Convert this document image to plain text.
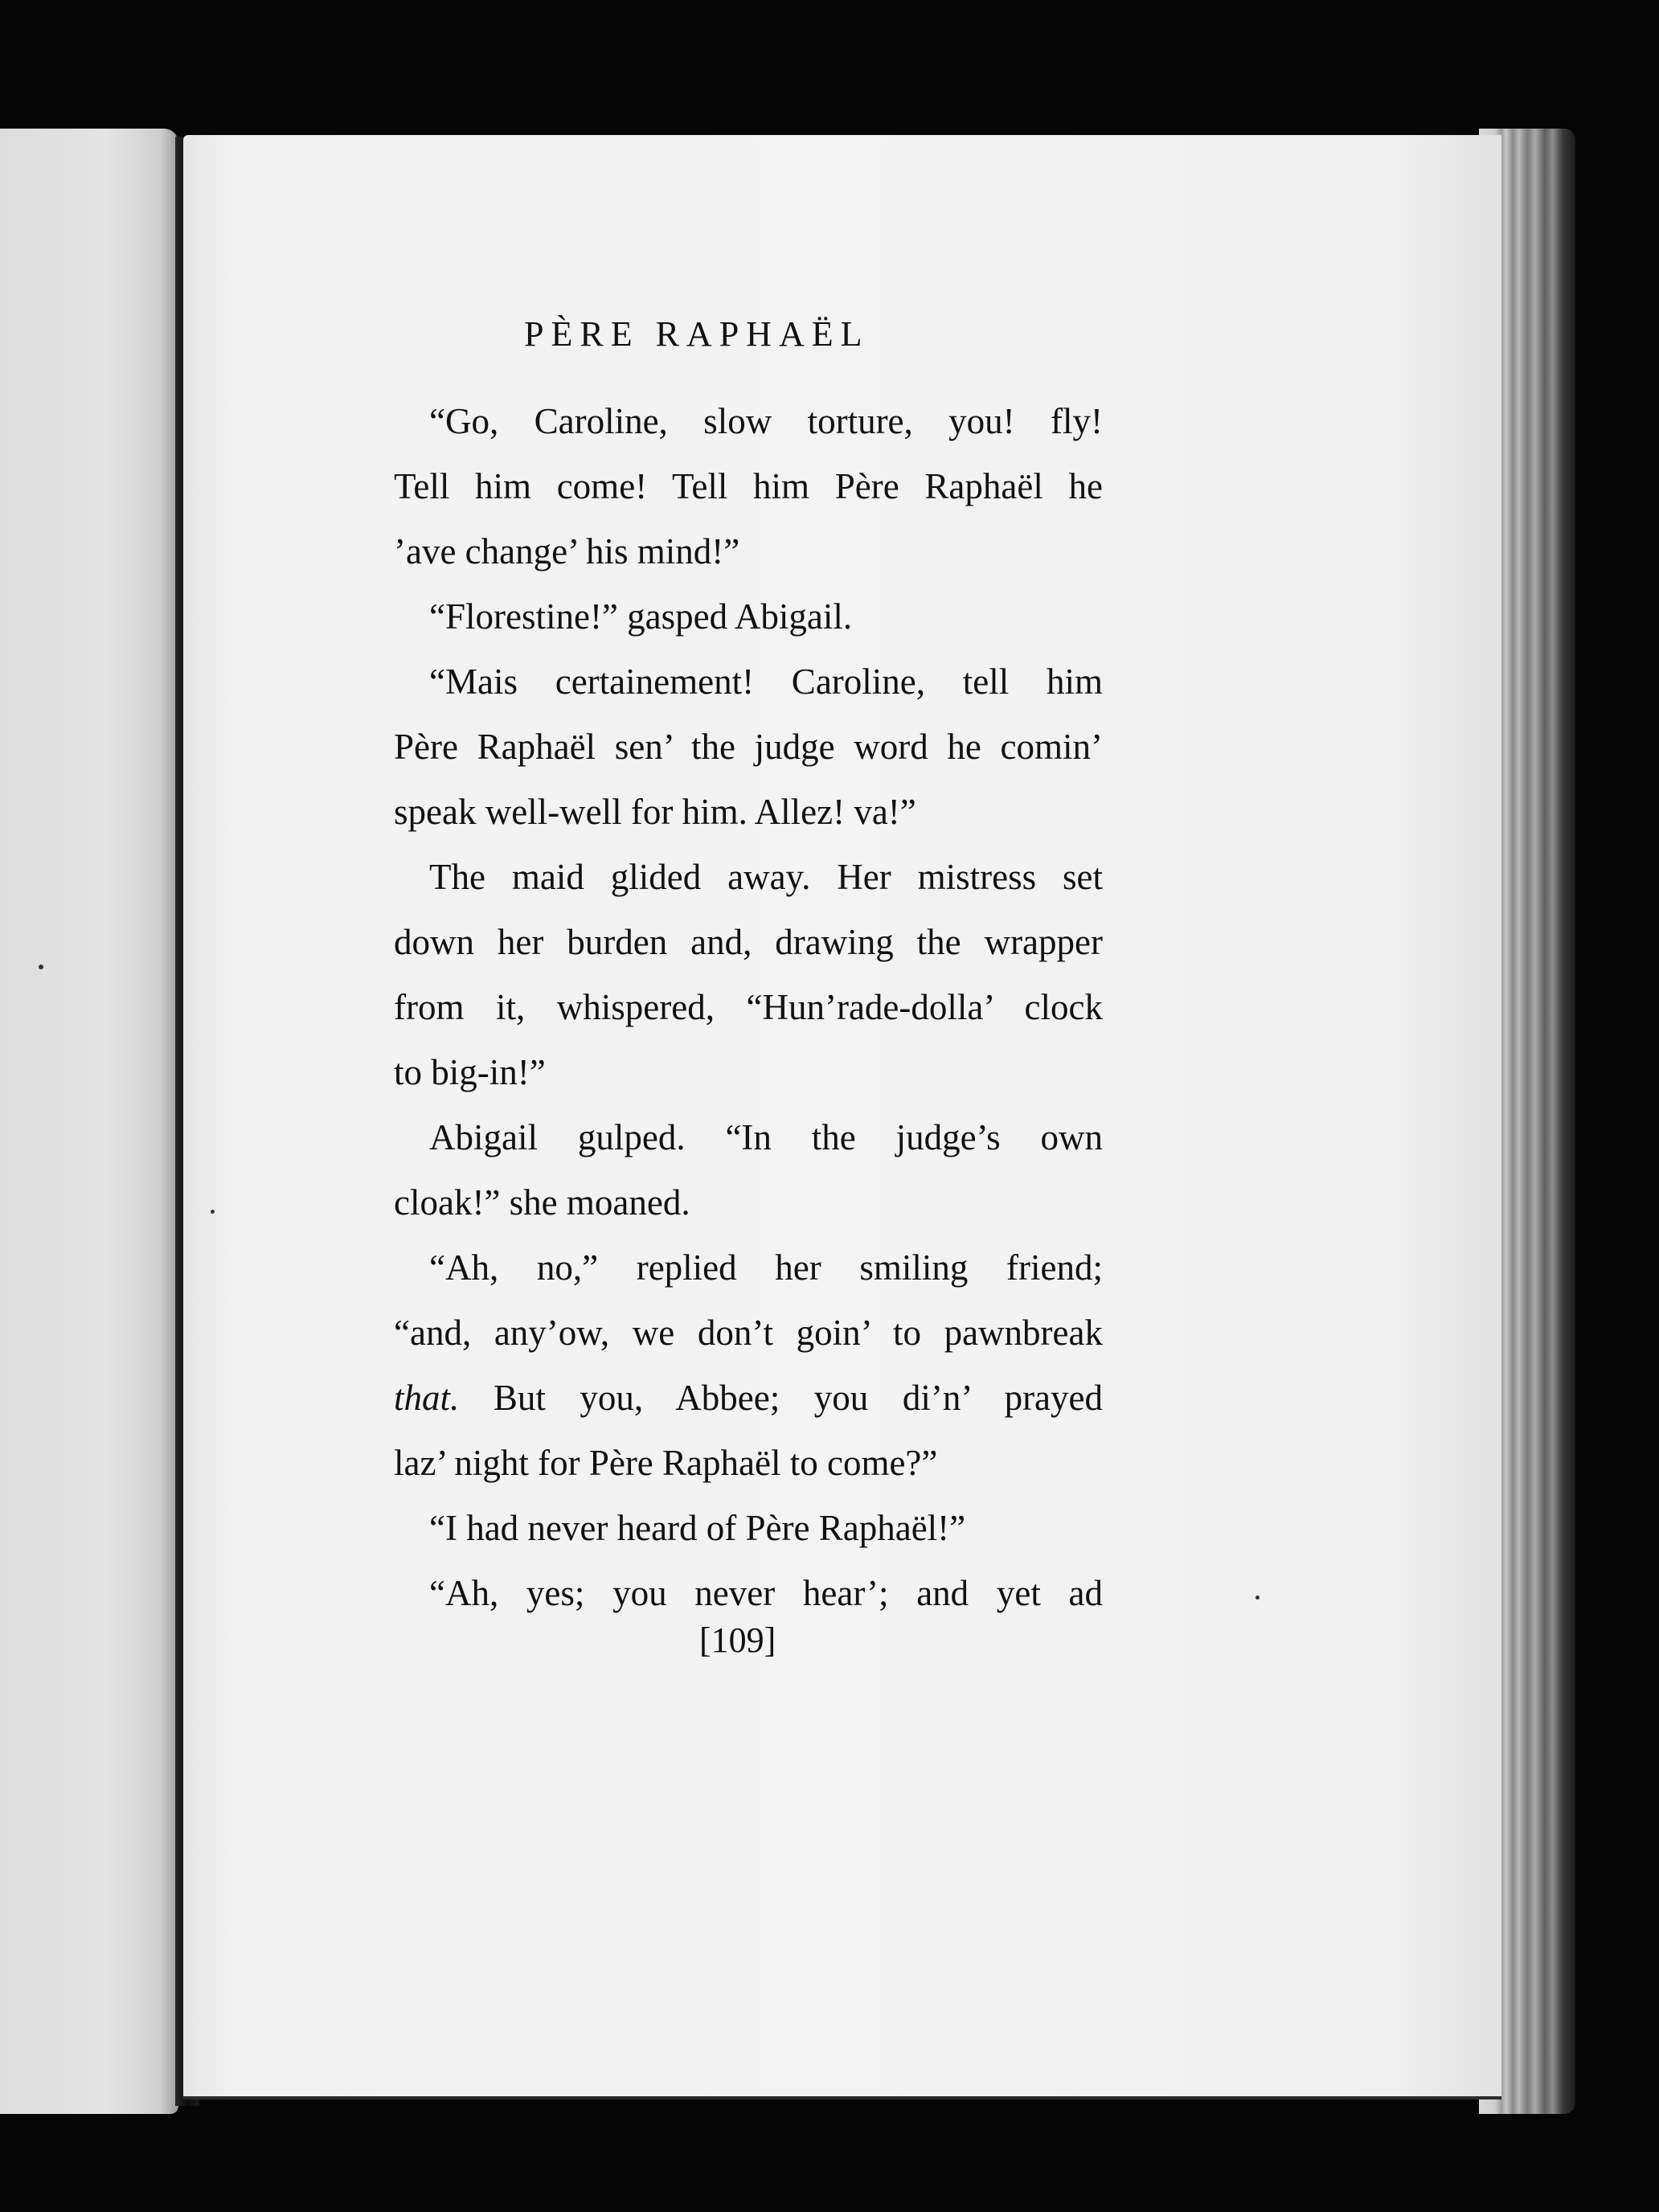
PÈRE RAPHAËL
“Go, Caroline, slow torture, you! fly!
Tell him come! Tell him Père Raphaël he
’ave change’ his mind!”
“Florestine!” gasped Abigail.
“Mais certainement! Caroline, tell him
Père Raphaël sen’ the judge word he comin’
speak well-well for him. Allez! va!”
The maid glided away. Her mistress set
down her burden and, drawing the wrapper
from it, whispered, “Hun’rade-dolla’ clock
to big-in!”
Abigail gulped. “In the judge’s own
cloak!” she moaned.
“Ah, no,” replied her smiling friend;
“and, any’ow, we don’t goin’ to pawnbreak
that. But you, Abbee; you di’n’ prayed
laz’ night for Père Raphaël to come?”
“I had never heard of Père Raphaël!”
“Ah, yes; you never hear’; and yet ad
[109]
